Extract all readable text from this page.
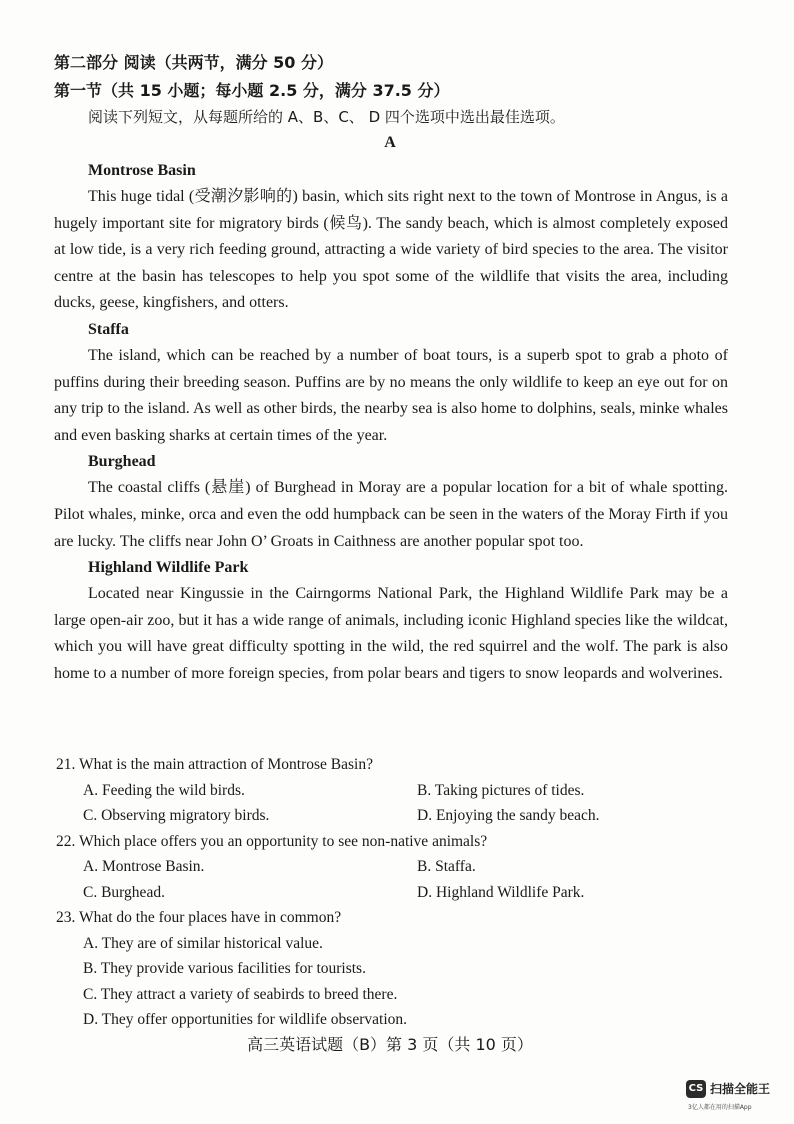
第二部分 阅读（共两节，满分 50 分）
第一节（共 15 小题；每小题 2.5 分，满分 37.5 分）
阅读下列短文，从每题所给的 A、B、C、 D 四个选项中选出最佳选项。
A
Montrose Basin

This huge tidal (受潮汐影响的) basin, which sits right next to the town of Montrose in Angus, is a hugely important site for migratory birds (候鸟). The sandy beach, which is almost completely exposed at low tide, is a very rich feeding ground, attracting a wide variety of bird species to the area. The visitor centre at the basin has telescopes to help you spot some of the wildlife that visits the area, including ducks, geese, kingfishers, and otters.

Staffa

The island, which can be reached by a number of boat tours, is a superb spot to grab a photo of puffins during their breeding season. Puffins are by no means the only wildlife to keep an eye out for on any trip to the island. As well as other birds, the nearby sea is also home to dolphins, seals, minke whales and even basking sharks at certain times of the year.

Burghead

The coastal cliffs (悬崖) of Burghead in Moray are a popular location for a bit of whale spotting. Pilot whales, minke, orca and even the odd humpback can be seen in the waters of the Moray Firth if you are lucky. The cliffs near John O’ Groats in Caithness are another popular spot too.

Highland Wildlife Park

Located near Kingussie in the Cairngorms National Park, the Highland Wildlife Park may be a large open-air zoo, but it has a wide range of animals, including iconic Highland species like the wildcat, which you will have great difficulty spotting in the wild, the red squirrel and the wolf. The park is also home to a number of more foreign species, from polar bears and tigers to snow leopards and wolverines.

21. What is the main attraction of Montrose Basin?
A. Feeding the wild birds.	B. Taking pictures of tides.
C. Observing migratory birds.	D. Enjoying the sandy beach.
22. Which place offers you an opportunity to see non-native animals?
A. Montrose Basin.	B. Staffa.
C. Burghead.	D. Highland Wildlife Park.
23. What do the four places have in common?
A. They are of similar historical value.
B. They provide various facilities for tourists.
C. They attract a variety of seabirds to breed there.
D. They offer opportunities for wildlife observation.
高三英语试题（B）第 3 页（共 10 页）
CS 扫描全能王
3亿人都在用的扫描App
